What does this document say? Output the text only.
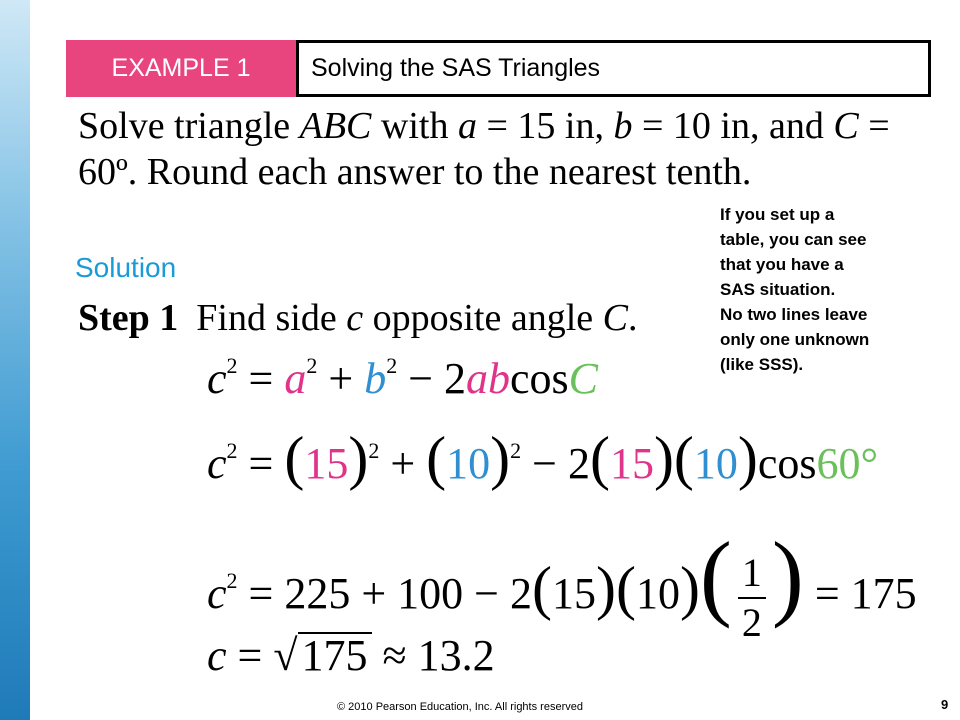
EXAMPLE 1	Solving the SAS Triangles
Solve triangle ABC with a = 15 in, b = 10 in, and C = 60º. Round each answer to the nearest tenth.
Solution
If you set up a
table, you can see
that you have a
SAS situation.
No two lines leave
only one unknown
(like SSS).
Step 1 Find side c opposite angle C.
$c^2 = a^2 + b^2 - 2abcosC$
$c^2 = (15)^2 + (10)^2 - 2(15)(10)\cos 60^\circ$
$c^2 = 225 + 100 - 2(15)(10)( \frac{1}{2}$ ) = 175
c = √175 ≈ 13.2
© 2010 Pearson Education, Inc. All rights reserved	9
